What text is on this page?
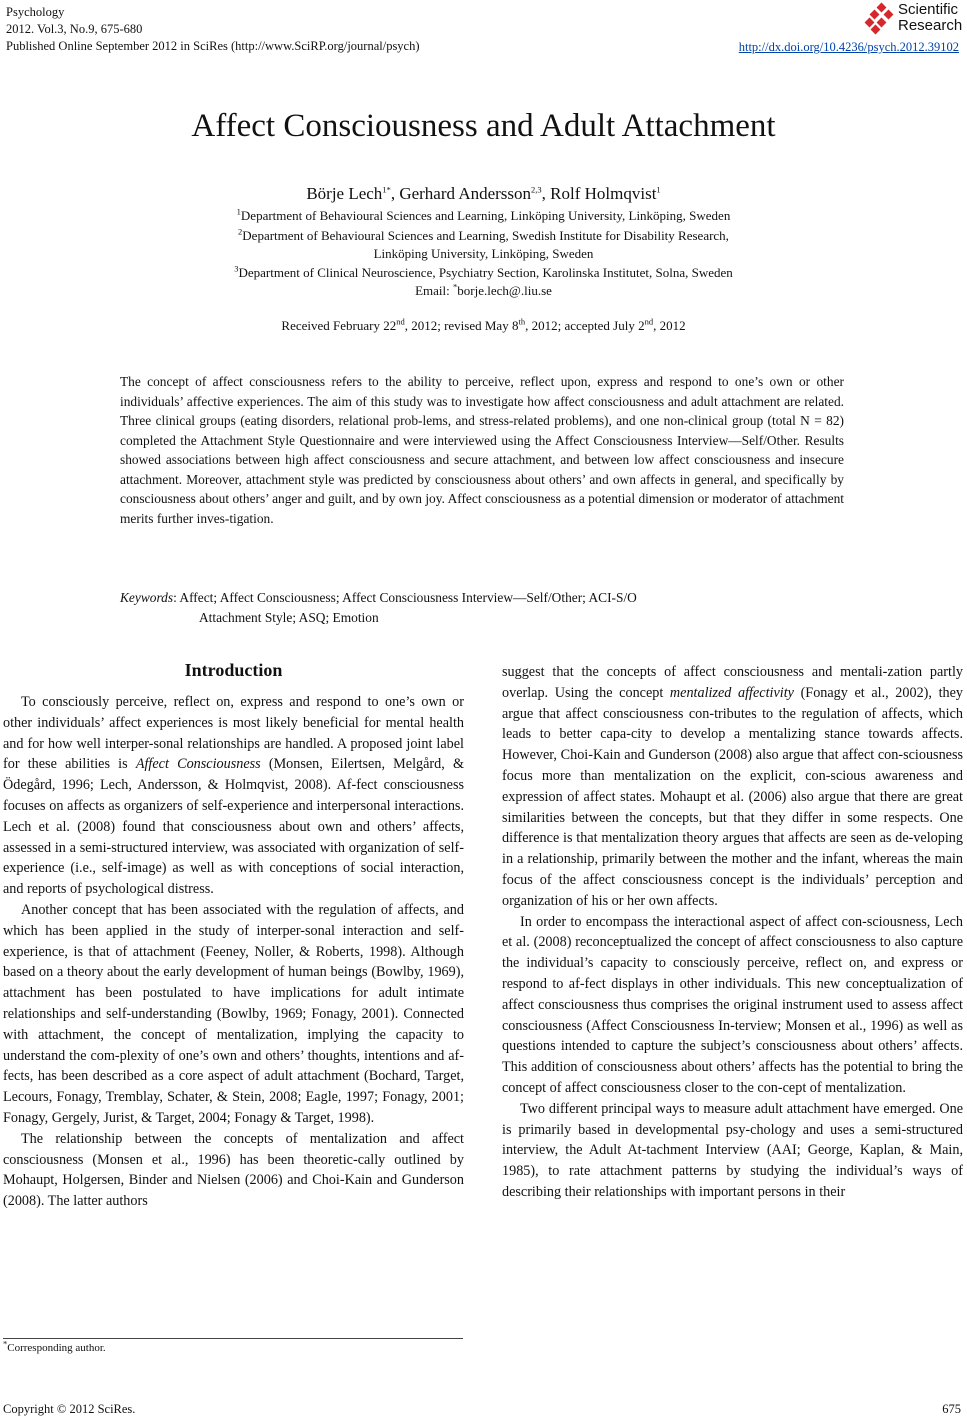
Psychology
2012. Vol.3, No.9, 675-680
Published Online September 2012 in SciRes (http://www.SciRP.org/journal/psych)
Scientific
Research
http://dx.doi.org/10.4236/psych.2012.39102
Affect Consciousness and Adult Attachment
Börje Lech$^{1*}$, Gerhard Andersson$^{2,3}$, Rolf Holmqvist$^1$
$^1$Department of Behavioural Sciences and Learning, Linköping University, Linköping, Sweden
$^2$Department of Behavioural Sciences and Learning, Swedish Institute for Disability Research,
Linköping University, Linköping, Sweden
$^3$Department of Clinical Neuroscience, Psychiatry Section, Karolinska Institutet, Solna, Sweden
Email: *borje.lech@.liu.se
Received February 22nd, 2012; revised May 8th, 2012; accepted July 2nd, 2012
The concept of affect consciousness refers to the ability to perceive, reflect upon, express and respond to one’s own or other individuals’ affective experiences. The aim of this study was to investigate how affect consciousness and adult attachment are related. Three clinical groups (eating disorders, relational prob-lems, and stress-related problems), and one non-clinical group (total N = 82) completed the Attachment Style Questionnaire and were interviewed using the Affect Consciousness Interview—Self/Other. Results showed associations between high affect consciousness and secure attachment, and between low affect consciousness and insecure attachment. Moreover, attachment style was predicted by consciousness about others’ and own affects in general, and specifically by consciousness about others’ anger and guilt, and by own joy. Affect consciousness as a potential dimension or moderator of attachment merits further inves-tigation.
Keywords: Affect; Affect Consciousness; Affect Consciousness Interview—Self/Other; ACI-S/O
Attachment Style; ASQ; Emotion
Introduction

To consciously perceive, reflect on, express and respond to one’s own or other individuals’ affect experiences is most likely beneficial for mental health and for how well interper-sonal relationships are handled. A proposed joint label for these abilities is Affect Consciousness (Monsen, Eilertsen, Melgård, & Ödegård, 1996; Lech, Andersson, & Holmqvist, 2008). Af-fect consciousness focuses on affects as organizers of self-experience and interpersonal interactions. Lech et al. (2008) found that consciousness about own and others’ affects, assessed in a semi-structured interview, was associated with organization of self-experience (i.e., self-image) as well as with conceptions of social interaction, and reports of psychological distress.

Another concept that has been associated with the regulation of affects, and which has been applied in the study of interper-sonal interaction and self-experience, is that of attachment (Feeney, Noller, & Roberts, 1998). Although based on a theory about the early development of human beings (Bowlby, 1969), attachment has been postulated to have implications for adult intimate relationships and self-understanding (Bowlby, 1969; Fonagy, 2001). Connected with attachment, the concept of mentalization, implying the capacity to understand the com-plexity of one’s own and others’ thoughts, intentions and af-fects, has been described as a core aspect of adult attachment (Bochard, Target, Lecours, Fonagy, Tremblay, Schater, & Stein, 2008; Eagle, 1997; Fonagy, 2001; Fonagy, Gergely, Jurist, & Target, 2004; Fonagy & Target, 1998).

The relationship between the concepts of mentalization and affect consciousness (Monsen et al., 1996) has been theoretic-cally outlined by Mohaupt, Holgersen, Binder and Nielsen (2006) and Choi-Kain and Gunderson (2008). The latter authors

suggest that the concepts of affect consciousness and mentali-zation partly overlap. Using the concept mentalized affectivity (Fonagy et al., 2002), they argue that affect consciousness con-tributes to the regulation of affects, which leads to better capa-city to develop a mentalizing stance towards affects. However, Choi-Kain and Gunderson (2008) also argue that affect con-sciousness focus more than mentalization on the explicit, con-scious awareness and expression of affect states. Mohaupt et al. (2006) also argue that there are great similarities between the concepts, but that they differ in some respects. One difference is that mentalization theory argues that affects are seen as de-veloping in a relationship, primarily between the mother and the infant, whereas the main focus of the affect consciousness concept is the individuals’ perception and organization of his or her own affects.

In order to encompass the interactional aspect of affect con-sciousness, Lech et al. (2008) reconceptualized the concept of affect consciousness to also capture the individual’s capacity to consciously perceive, reflect on, and express or respond to af-fect displays in other individuals. This new conceptualization of affect consciousness thus comprises the original instrument used to assess affect consciousness (Affect Consciousness In-terview; Monsen et al., 1996) as well as questions intended to capture the subject’s consciousness about others’ affects. This addition of consciousness about others’ affects has the potential to bring the concept of affect consciousness closer to the con-cept of mentalization.

Two different principal ways to measure adult attachment have emerged. One is primarily based in developmental psy-chology and uses a semi-structured interview, the Adult At-tachment Interview (AAI; George, Kaplan, & Main, 1985), to rate attachment patterns by studying the individual’s ways of describing their relationships with important persons in their

*Corresponding author.
Copyright © 2012 SciRes.	675
